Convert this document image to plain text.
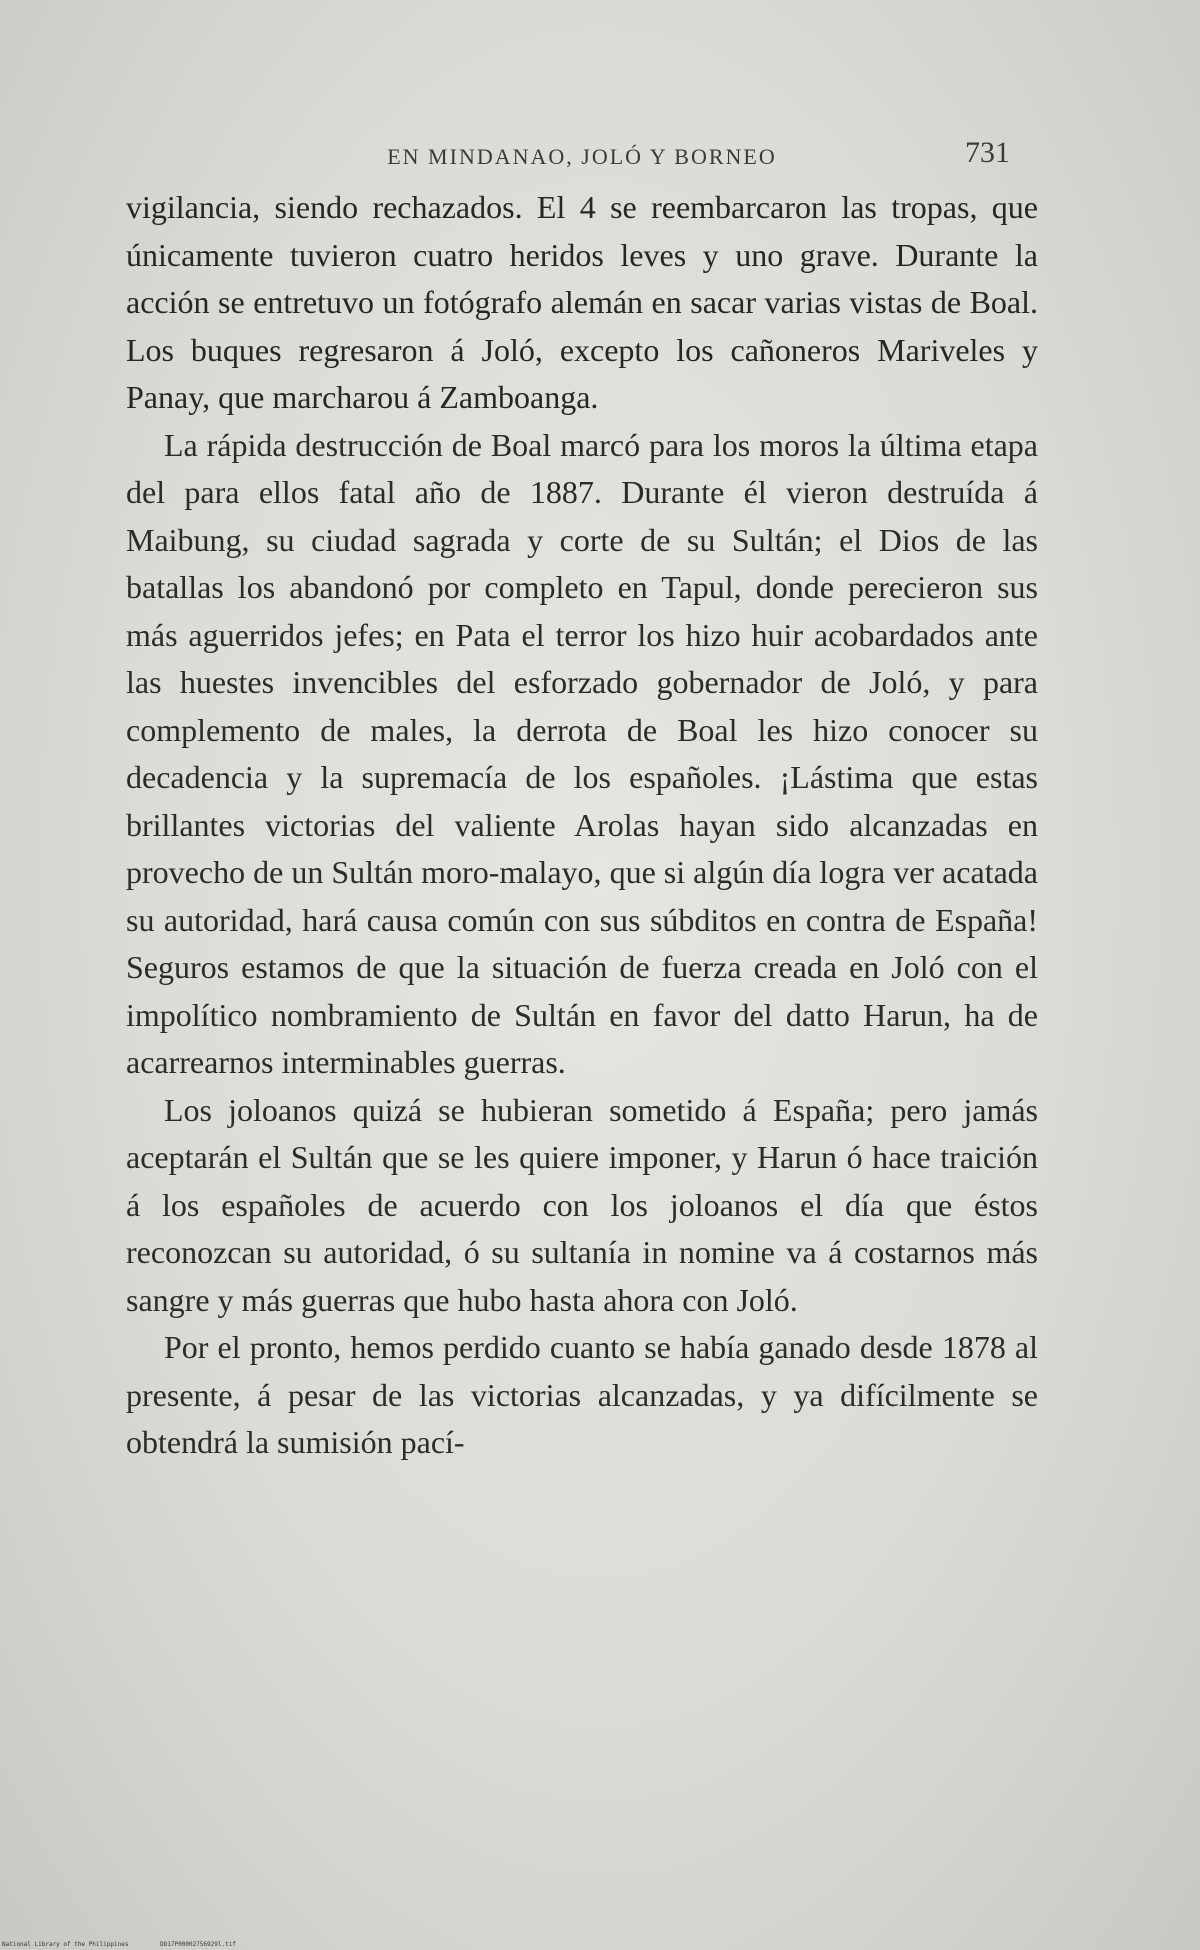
EN MINDANAO, JOLÓ Y BORNEO	731

vigilancia, siendo rechazados. El 4 se reembarcaron las tropas, que únicamente tuvieron cuatro heridos leves y uno grave. Durante la acción se entretuvo un fotógrafo alemán en sacar varias vistas de Boal. Los buques regresaron á Joló, excepto los cañoneros Mariveles y Panay, que marcharou á Zamboanga.

La rápida destrucción de Boal marcó para los moros la última etapa del para ellos fatal año de 1887. Durante él vieron destruída á Maibung, su ciudad sagrada y corte de su Sultán; el Dios de las batallas los abandonó por completo en Tapul, donde perecieron sus más aguerridos jefes; en Pata el terror los hizo huir acobardados ante las huestes invencibles del esforzado gobernador de Joló, y para complemento de males, la derrota de Boal les hizo conocer su decadencia y la supremacía de los españoles. ¡Lástima que estas brillantes victorias del valiente Arolas hayan sido alcanzadas en provecho de un Sultán moro-malayo, que si algún día logra ver acatada su autoridad, hará causa común con sus súbditos en contra de España! Seguros estamos de que la situación de fuerza creada en Joló con el impolítico nombramiento de Sultán en favor del datto Harun, ha de acarrearnos interminables guerras.

Los joloanos quizá se hubieran sometido á España; pero jamás aceptarán el Sultán que se les quiere imponer, y Harun ó hace traición á los españoles de acuerdo con los joloanos el día que éstos reconozcan su autoridad, ó su sultanía in nomine va á costarnos más sangre y más guerras que hubo hasta ahora con Joló.

Por el pronto, hemos perdido cuanto se había ganado desde 1878 al presente, á pesar de las victorias alcanzadas, y ya difícilmente se obtendrá la sumisión pací-

National Library of the Philippines	DO17P00002756929l.tif
